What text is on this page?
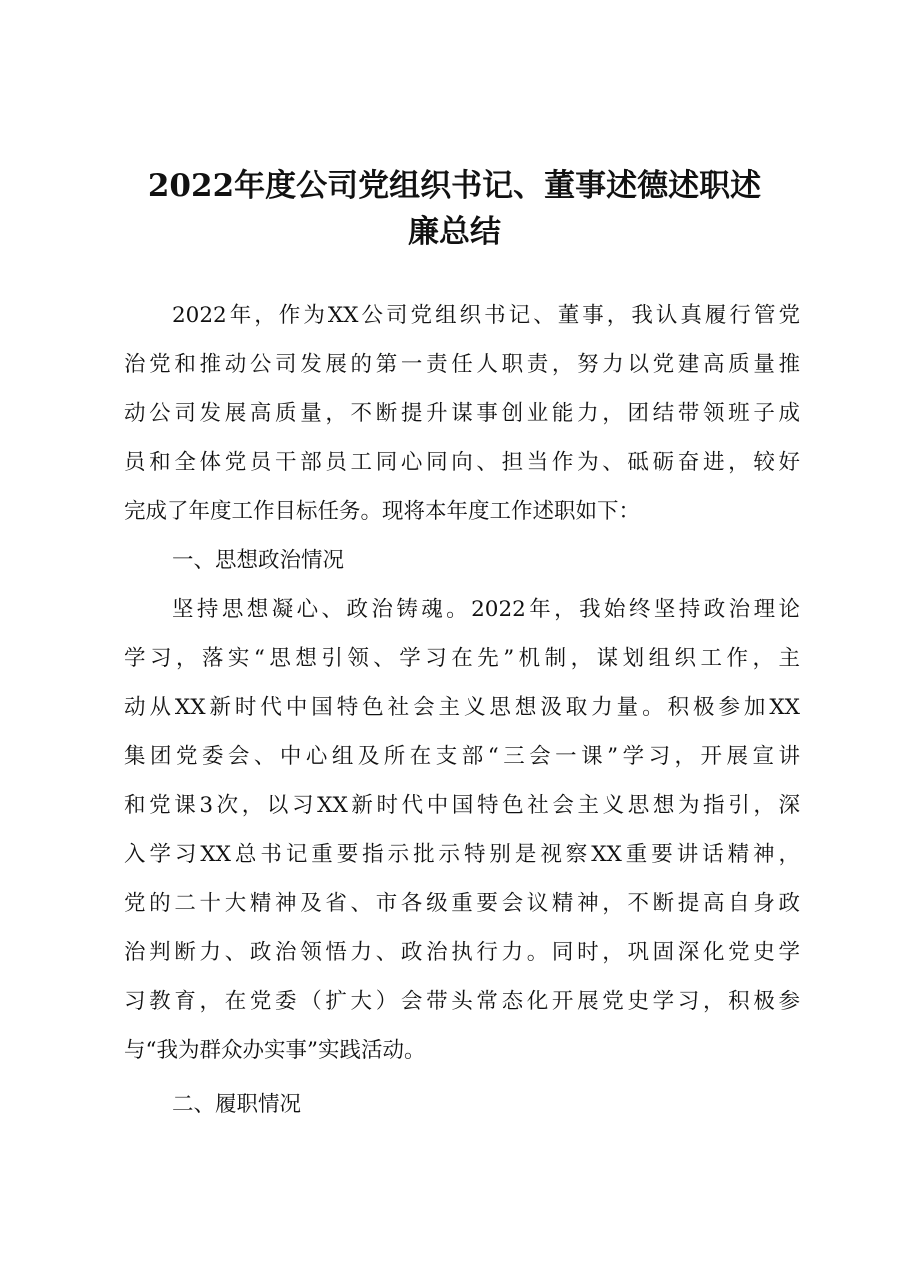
2022年度公司党组织书记、董事述德述职述
廉总结

2022年，作为XX公司党组织书记、董事，我认真履行管党

治党和推动公司发展的第一责任人职责，努力以党建高质量推

动公司发展高质量，不断提升谋事创业能力，团结带领班子成

员和全体党员干部员工同心同向、担当作为、砥砺奋进，较好

完成了年度工作目标任务。现将本年度工作述职如下：

一、思想政治情况

坚持思想凝心、政治铸魂。2022年，我始终坚持政治理论

学习，落实“思想引领、学习在先”机制，谋划组织工作，主

动从XX新时代中国特色社会主义思想汲取力量。积极参加XX

集团党委会、中心组及所在支部“三会一课”学习，开展宣讲

和党课3次，以习XX新时代中国特色社会主义思想为指引，深

入学习XX总书记重要指示批示特别是视察XX重要讲话精神，

党的二十大精神及省、市各级重要会议精神，不断提高自身政

治判断力、政治领悟力、政治执行力。同时，巩固深化党史学

习教育，在党委（扩大）会带头常态化开展党史学习，积极参

与“我为群众办实事”实践活动。

二、履职情况
